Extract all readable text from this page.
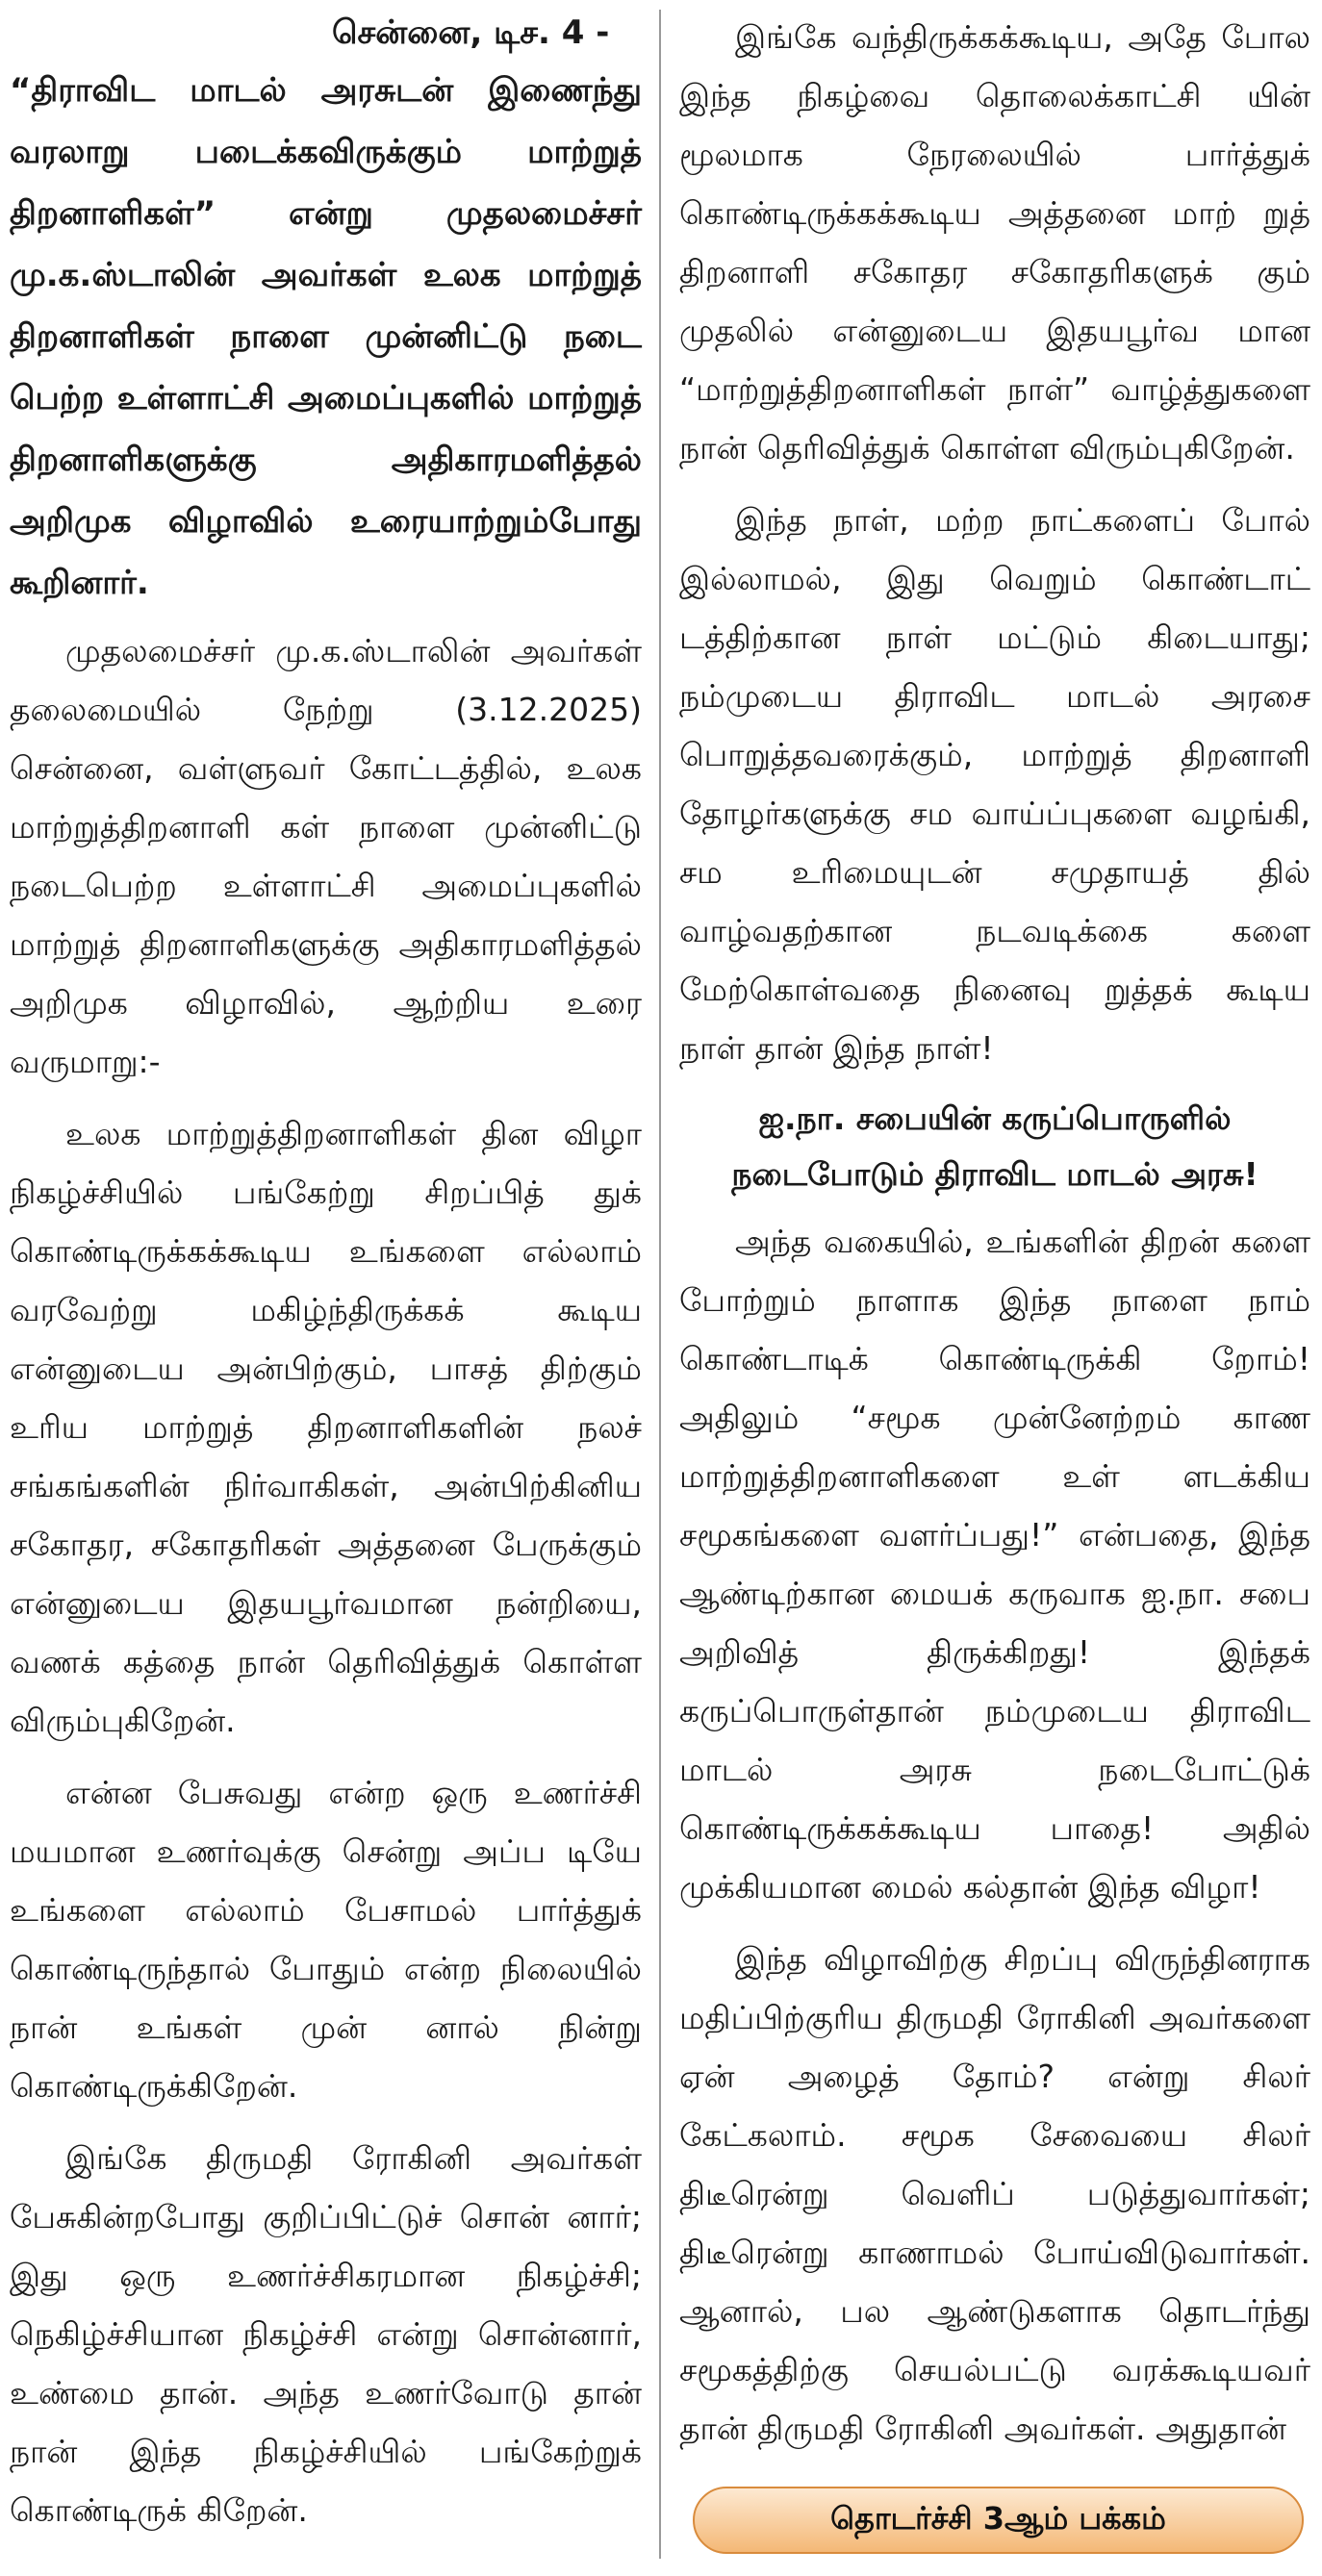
சென்னை, டிச. 4 -
“திராவிட மாடல் அரசுடன் இணைந்து வரலாறு படைக்கவிருக்கும் மாற்றுத் திறனாளிகள்” என்று முதலமைச்சர் மு.க.ஸ்டாலின் அவர்கள் உலக மாற்றுத் திறனாளிகள் நாளை முன்னிட்டு நடை பெற்ற உள்ளாட்சி அமைப்புகளில் மாற்றுத் திறனாளிகளுக்கு அதிகாரமளித்தல் அறிமுக விழாவில் உரையாற்றும்போது கூறினார்.

முதலமைச்சர் மு.க.ஸ்டாலின் அவர்கள் தலைமையில் நேற்று (3.12.2025) சென்னை, வள்ளுவர் கோட்டத்தில், உலக மாற்றுத்திறனாளி கள் நாளை முன்னிட்டு நடைபெற்ற உள்ளாட்சி அமைப்புகளில் மாற்றுத் திறனாளிகளுக்கு அதிகாரமளித்தல் அறிமுக விழாவில், ஆற்றிய உரை வருமாறு:-

உலக மாற்றுத்திறனாளிகள் தின விழா நிகழ்ச்சியில் பங்கேற்று சிறப்பித் துக் கொண்டிருக்கக்கூடிய உங்களை எல்லாம் வரவேற்று மகிழ்ந்திருக்கக் கூடிய என்னுடைய அன்பிற்கும், பாசத் திற்கும் உரிய மாற்றுத் திறனாளிகளின் நலச் சங்கங்களின் நிர்வாகிகள், அன்பிற்கினிய சகோதர, சகோதரிகள் அத்தனை பேருக்கும் என்னுடைய இதயபூர்வமான நன்றியை, வணக் கத்தை நான் தெரிவித்துக் கொள்ள விரும்புகிறேன்.

என்ன பேசுவது என்ற ஒரு உணர்ச்சி மயமான உணர்வுக்கு சென்று அப்ப டியே உங்களை எல்லாம் பேசாமல் பார்த்துக் கொண்டிருந்தால் போதும் என்ற நிலையில் நான் உங்கள் முன் னால் நின்று கொண்டிருக்கிறேன்.

இங்கே திருமதி ரோகினி அவர்கள் பேசுகின்றபோது குறிப்பிட்டுச் சொன் னார்; இது ஒரு உணர்ச்சிகரமான நிகழ்ச்சி; நெகிழ்ச்சியான நிகழ்ச்சி என்று சொன்னார், உண்மை தான். அந்த உணர்வோடு தான் நான் இந்த நிகழ்ச்சியில் பங்கேற்றுக் கொண்டிருக் கிறேன்.

இங்கே வந்திருக்கக்கூடிய, அதே போல இந்த நிகழ்வை தொலைக்காட்சி யின் மூலமாக நேரலையில் பார்த்துக் கொண்டிருக்கக்கூடிய அத்தனை மாற் றுத் திறனாளி சகோதர சகோதரிகளுக் கும் முதலில் என்னுடைய இதயபூர்வ மான “மாற்றுத்திறனாளிகள் நாள்” வாழ்த்துகளை நான் தெரிவித்துக் கொள்ள விரும்புகிறேன்.

இந்த நாள், மற்ற நாட்களைப் போல் இல்லாமல், இது வெறும் கொண்டாட் டத்திற்கான நாள் மட்டும் கிடையாது; நம்முடைய திராவிட மாடல் அரசை பொறுத்தவரைக்கும், மாற்றுத் திறனாளி தோழர்களுக்கு சம வாய்ப்புகளை வழங்கி, சம உரிமையுடன் சமுதாயத் தில் வாழ்வதற்கான நடவடிக்கை களை மேற்கொள்வதை நினைவு றுத்தக் கூடிய நாள் தான் இந்த நாள்!

ஐ.நா. சபையின் கருப்பொருளில் நடைபோடும் திராவிட மாடல் அரசு!

அந்த வகையில், உங்களின் திறன் களை போற்றும் நாளாக இந்த நாளை நாம் கொண்டாடிக் கொண்டிருக்கி றோம்! அதிலும் “சமூக முன்னேற்றம் காண மாற்றுத்திறனாளிகளை உள் ளடக்கிய சமூகங்களை வளர்ப்பது!” என்பதை, இந்த ஆண்டிற்கான மையக் கருவாக ஐ.நா. சபை அறிவித் திருக்கிறது! இந்தக் கருப்பொருள்தான் நம்முடைய திராவிட மாடல் அரசு நடைபோட்டுக் கொண்டிருக்கக்கூடிய பாதை! அதில் முக்கியமான மைல் கல்தான் இந்த விழா!

இந்த விழாவிற்கு சிறப்பு விருந்தினராக மதிப்பிற்குரிய திருமதி ரோகினி அவர்களை ஏன் அழைத் தோம்? என்று சிலர் கேட்கலாம். சமூக சேவையை சிலர் திடீரென்று வெளிப் படுத்துவார்கள்; திடீரென்று காணாமல் போய்விடுவார்கள். ஆனால், பல ஆண்டுகளாக தொடர்ந்து சமூகத்திற்கு செயல்பட்டு வரக்கூடியவர் தான் திருமதி ரோகினி அவர்கள். அதுதான்

தொடர்ச்சி 3ஆம் பக்கம்
